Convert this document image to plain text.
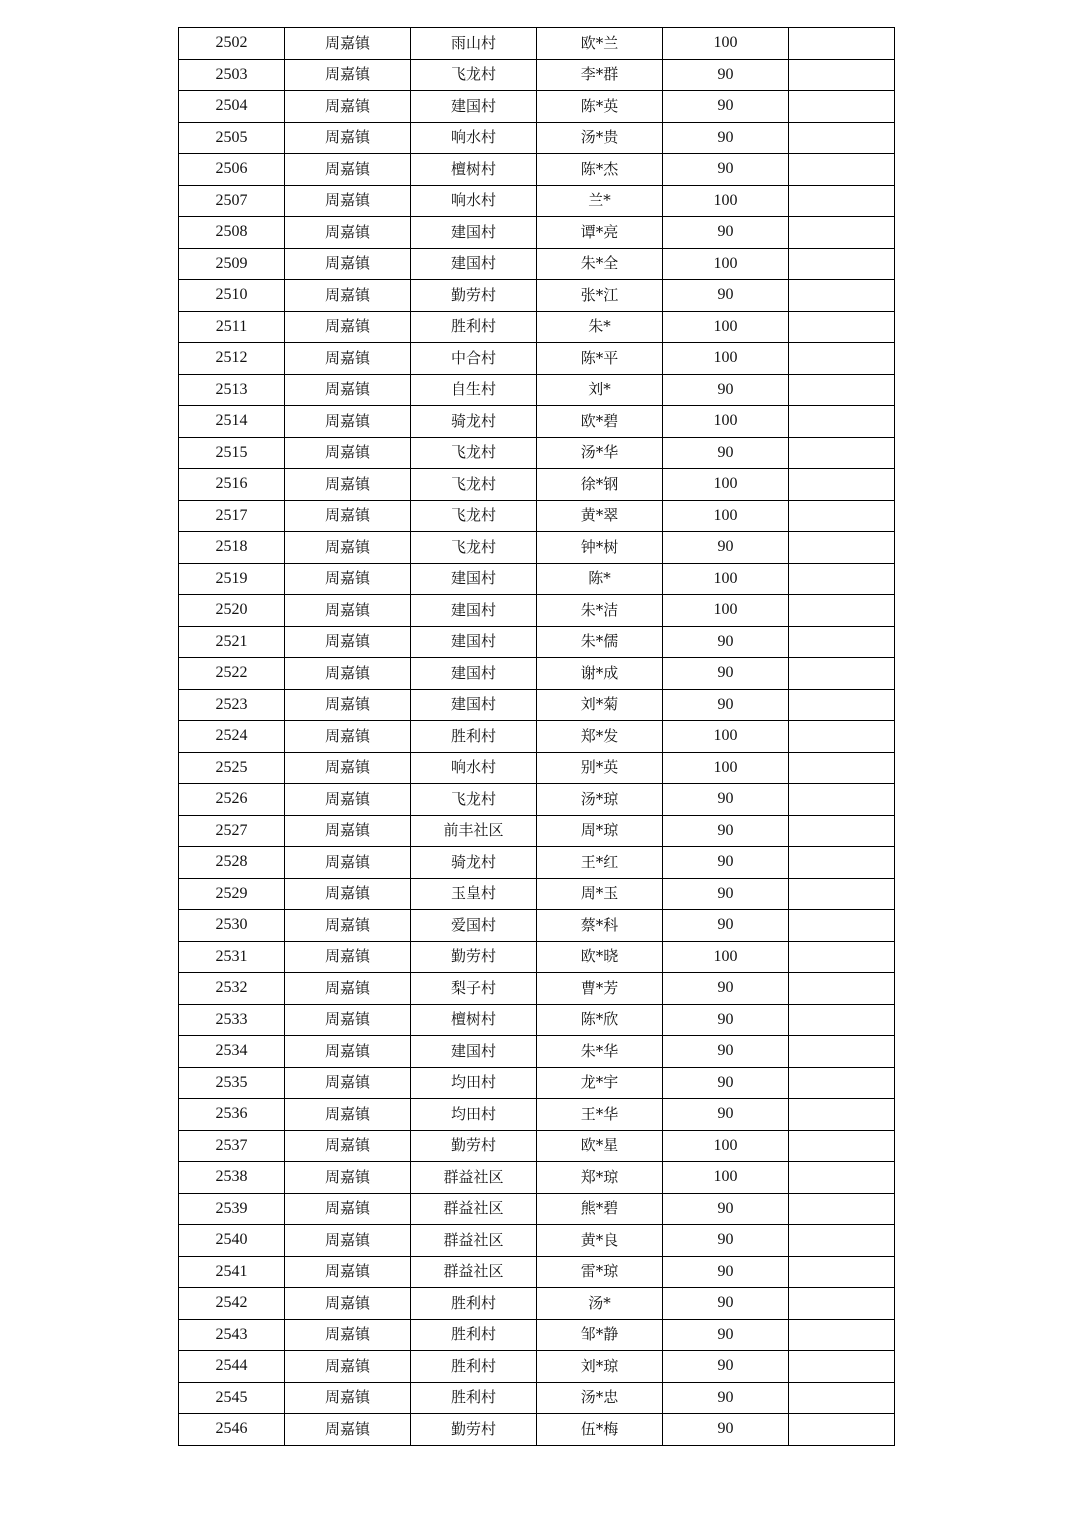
2502	周嘉镇	雨山村	欧*兰	100	
2503	周嘉镇	飞龙村	李*群	90	
2504	周嘉镇	建国村	陈*英	90	
2505	周嘉镇	响水村	汤*贵	90	
2506	周嘉镇	檀树村	陈*杰	90	
2507	周嘉镇	响水村	兰*	100	
2508	周嘉镇	建国村	谭*亮	90	
2509	周嘉镇	建国村	朱*全	100	
2510	周嘉镇	勤劳村	张*江	90	
2511	周嘉镇	胜利村	朱*	100	
2512	周嘉镇	中合村	陈*平	100	
2513	周嘉镇	自生村	刘*	90	
2514	周嘉镇	骑龙村	欧*碧	100	
2515	周嘉镇	飞龙村	汤*华	90	
2516	周嘉镇	飞龙村	徐*钢	100	
2517	周嘉镇	飞龙村	黄*翠	100	
2518	周嘉镇	飞龙村	钟*树	90	
2519	周嘉镇	建国村	陈*	100	
2520	周嘉镇	建国村	朱*洁	100	
2521	周嘉镇	建国村	朱*儒	90	
2522	周嘉镇	建国村	谢*成	90	
2523	周嘉镇	建国村	刘*菊	90	
2524	周嘉镇	胜利村	郑*发	100	
2525	周嘉镇	响水村	别*英	100	
2526	周嘉镇	飞龙村	汤*琼	90	
2527	周嘉镇	前丰社区	周*琼	90	
2528	周嘉镇	骑龙村	王*红	90	
2529	周嘉镇	玉皇村	周*玉	90	
2530	周嘉镇	爱国村	蔡*科	90	
2531	周嘉镇	勤劳村	欧*晓	100	
2532	周嘉镇	梨子村	曹*芳	90	
2533	周嘉镇	檀树村	陈*欣	90	
2534	周嘉镇	建国村	朱*华	90	
2535	周嘉镇	均田村	龙*宇	90	
2536	周嘉镇	均田村	王*华	90	
2537	周嘉镇	勤劳村	欧*星	100	
2538	周嘉镇	群益社区	郑*琼	100	
2539	周嘉镇	群益社区	熊*碧	90	
2540	周嘉镇	群益社区	黄*良	90	
2541	周嘉镇	群益社区	雷*琼	90	
2542	周嘉镇	胜利村	汤*	90	
2543	周嘉镇	胜利村	邹*静	90	
2544	周嘉镇	胜利村	刘*琼	90	
2545	周嘉镇	胜利村	汤*忠	90	
2546	周嘉镇	勤劳村	伍*梅	90	
